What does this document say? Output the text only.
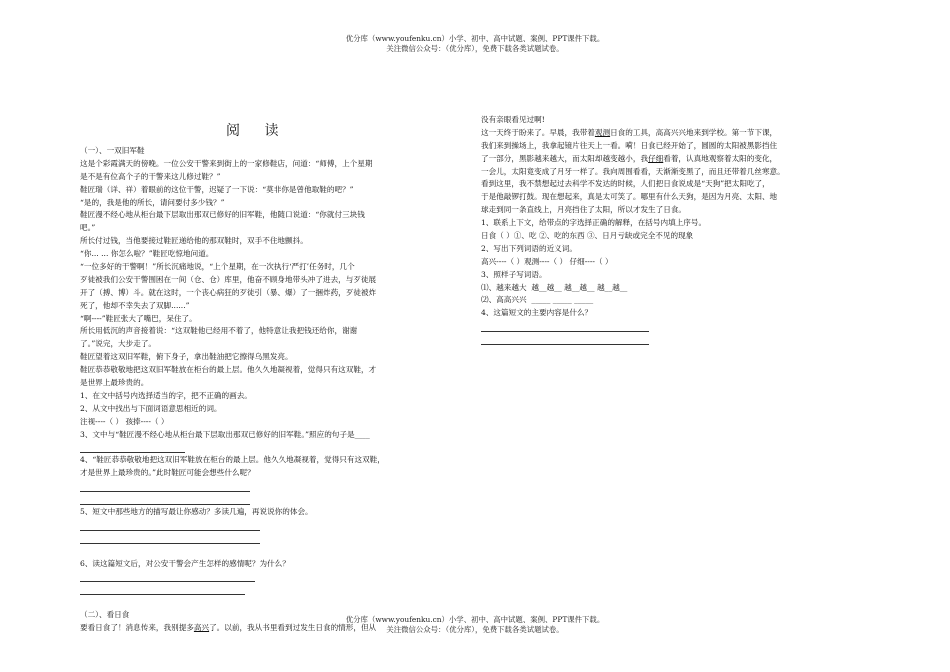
优分库（www.youfenku.cn）小学、初中、高中试题、案例、PPT课件下载。
关注微信公众号：（优分库），免费下载各类试题试卷。
阅 读
（一）、一双旧军鞋
这是个彩霞满天的傍晚。一位公安干警来到街上的一家修鞋店，问道：“师傅，上个星期
是不是有位高个子的干警来这儿修过鞋？”
鞋匠瑞（详、祥）着眼前的这位干警，迟疑了一下说：“莫非你是曾他取鞋的吧？”
“是的，我是他的所长，请问要付多少钱？”
鞋匠漫不经心地从柜台最下层取出那双已修好的旧军鞋，他随口说道：“你就付三块钱
吧。”
所长付过钱，当他要接过鞋匠递给他的那双鞋时，双手不住地颤抖。
“你... ... 你怎么啦？”鞋匠吃惊地问道。
“一位多好的干警啊！”所长沉痛地说，“上个星期，在一次执行‘严打’任务时，几个
歹徒被我们公安干警围困在一间（仓、仓）库里，他奋不顾身地带头冲了进去，与歹徒展
开了（搏、博）斗。就在这时，一个丧心病狂的歹徒引（暴、爆）了一捆炸药，歹徒被炸
死了，他却不幸失去了双脚......”
“啊----”鞋匠张大了嘴巴，呆住了。
所长用低沉的声音接着说：“这双鞋他已经用不着了，他特意让我把钱还给你，谢谢
了。”说完，大步走了。
鞋匠望着这双旧军鞋，俯下身子，拿出鞋油把它擦得乌黑发亮。
鞋匠恭恭敬敬地把这双旧军鞋放在柜台的最上层。他久久地凝视着，觉得只有这双鞋，才
是世界上最珍贵的。
1、在文中括号内选择适当的字，把不正确的画去。
2、从文中找出与下面词语意思相近的词。
注视----（ ） 孩捧----（ ）
3、文中与“鞋匠漫不经心地从柜台最下层取出那双已修好的旧军鞋。”照应的句子是____
4、“鞋匠恭恭敬敬地把这双旧军鞋放在柜台的最上层。他久久地凝视着，觉得只有这双鞋，
才是世界上最珍贵的。”此时鞋匠可能会想些什么呢？
5、短文中那些地方的描写最让你感动？多读几遍，再说说你的体会。
6、读这篇短文后，对公安干警会产生怎样的感情呢？为什么？
（二）、看日食
要看日食了！消息传来，我别提多高兴了。以前，我从书里看到过发生日食的情形，但从
没有亲眼看见过啊!
这一天终于盼来了。早晨，我带着观测日食的工具，高高兴兴地来到学校。第一节下课，
我们来到操场上，我拿起镜片往天上一看。嗬！日食已经开始了，圆圆的太阳被黑影挡住
了一部分，黑影越来越大，而太阳却越变越小，我仔细看着，认真地观察着太阳的变化，
一会儿，太阳竟变成了月牙一样了。我向周围看看，天渐渐变黑了，而且还带着几丝寒意。
看到这里，我不禁想起过去科学不发达的时候，人们把日食说成是“天狗”把太阳吃了，
于是他敲锣打鼓。现在想起来，真是太可笑了。哪里有什么天狗，是因为月亮、太阳、地
球走到同一条直线上，月亮挡住了太阳，所以才发生了日食。
1、联系上下文，给带点的字选择正确的解释，在括号内填上序号。
日食（ ）①、吃 ②、吃的东西 ③、日月亏缺或完全不见的现象
2、写出下列词语的近义词。
高兴----（ ）观测----（ ） 仔细----（ ）
3、照样子写词语。
⑴、越来越大 越__越__ 越__越__ 越__越__
⑵、高高兴兴 _____ _____ _____
4、这篇短文的主要内容是什么？
优分库（www.youfenku.cn）小学、初中、高中试题、案例、PPT课件下载。
关注微信公众号：（优分库），免费下载各类试题试卷。
